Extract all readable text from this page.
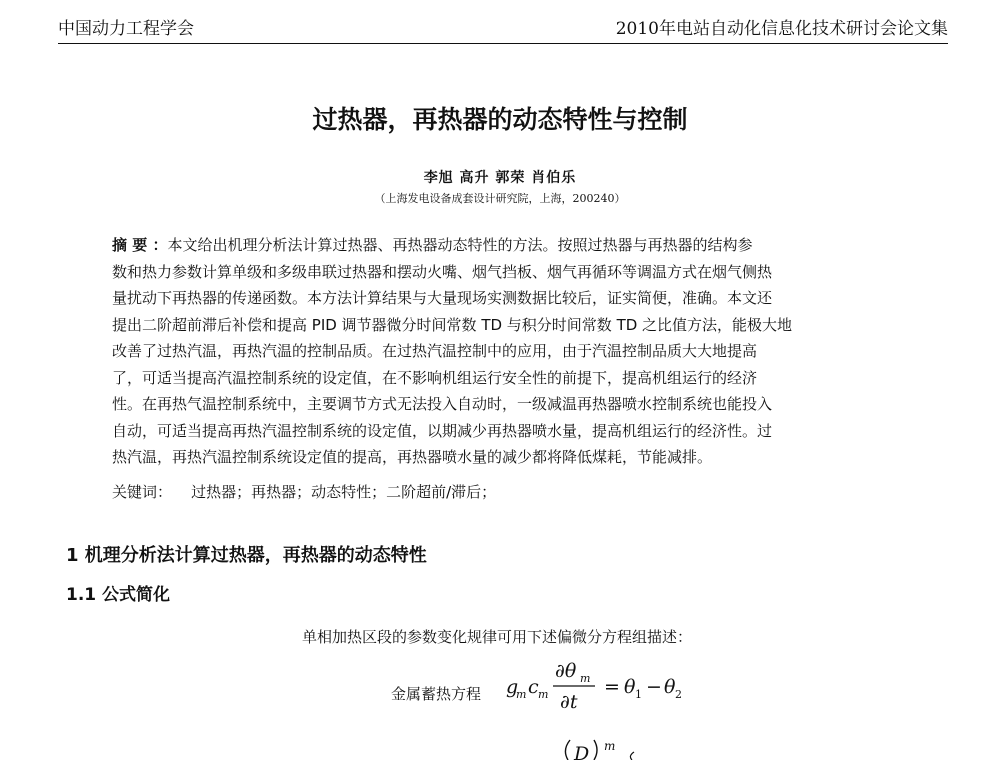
中国动力工程学会	2010年电站自动化信息化技术研讨会论文集
过热器，再热器的动态特性与控制
李旭 高升 郭荣 肖伯乐
（上海发电设备成套设计研究院，上海，200240）
摘 要 ：本文给出机理分析法计算过热器、再热器动态特性的方法。按照过热器与再热器的结构参
数和热力参数计算单级和多级串联过热器和摆动火嘴、烟气挡板、烟气再循环等调温方式在烟气侧热
量扰动下再热器的传递函数。本方法计算结果与大量现场实测数据比较后，证实简便，准确。本文还
提出二阶超前滞后补偿和提高 PID 调节器微分时间常数 TD 与积分时间常数 TD 之比值方法，能极大地
改善了过热汽温，再热汽温的控制品质。在过热汽温控制中的应用，由于汽温控制品质大大地提高
了，可适当提高汽温控制系统的设定值，在不影响机组运行安全性的前提下，提高机组运行的经济
性。在再热气温控制系统中，主要调节方式无法投入自动时，一级减温再热器喷水控制系统也能投入
自动，可适当提高再热汽温控制系统的设定值，以期减少再热器喷水量，提高机组运行的经济性。过
热汽温，再热汽温控制系统设定值的提高，再热器喷水量的减少都将降低煤耗，节能减排。
关键词： 过热器；再热器；动态特性；二阶超前/滞后；
1 机理分析法计算过热器，再热器的动态特性
1.1 公式简化
单相加热区段的参数变化规律可用下述偏微分方程组描述：
金属蓄热方程 g
m c m
∂θ m
∂t
= θ 1 − θ 2
D m
